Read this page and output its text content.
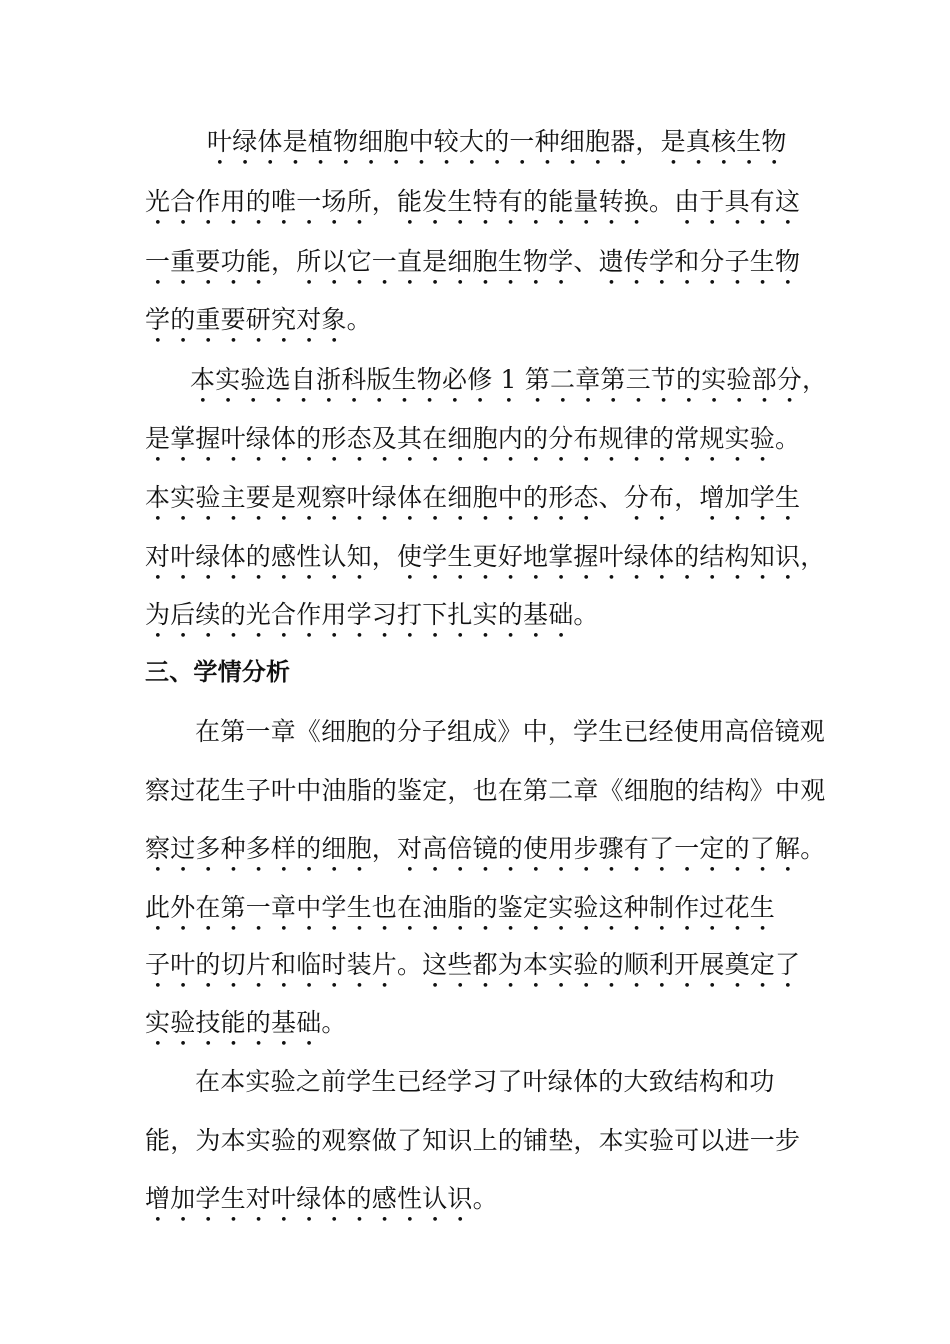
叶绿体是植物细胞中较大的一种细胞器，是真核生物
光合作用的唯一场所，能发生特有的能量转换。由于具有这
一重要功能，所以它一直是细胞生物学、遗传学和分子生物
学的重要研究对象。
本实验选自浙科版生物必修 1 第二章第三节的实验部分，
是掌握叶绿体的形态及其在细胞内的分布规律的常规实验。
本实验主要是观察叶绿体在细胞中的形态、分布，增加学生
对叶绿体的感性认知，使学生更好地掌握叶绿体的结构知识，
为后续的光合作用学习打下扎实的基础。
三、学情分析
在第一章《细胞的分子组成》中，学生已经使用高倍镜观
察过花生子叶中油脂的鉴定，也在第二章《细胞的结构》中观
察过多种多样的细胞，对高倍镜的使用步骤有了一定的了解。
此外在第一章中学生也在油脂的鉴定实验这种制作过花生
子叶的切片和临时装片。这些都为本实验的顺利开展奠定了
实验技能的基础。
在本实验之前学生已经学习了叶绿体的大致结构和功
能，为本实验的观察做了知识上的铺垫，本实验可以进一步
增加学生对叶绿体的感性认识。
